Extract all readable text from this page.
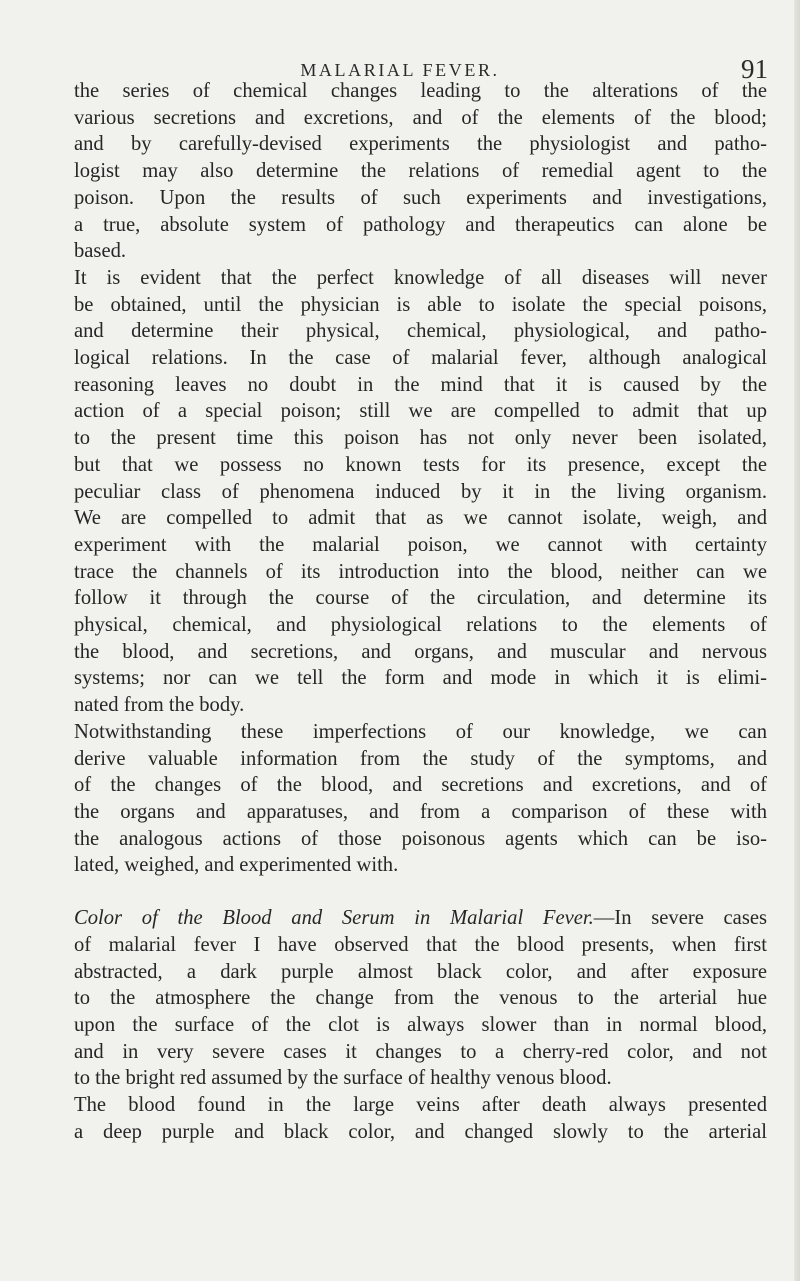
MALARIAL FEVER.	91

the series of chemical changes leading to the alterations of the
various secretions and excretions, and of the elements of the blood;
and by carefully-devised experiments the physiologist and patho-
logist may also determine the relations of remedial agent to the
poison. Upon the results of such experiments and investigations,
a true, absolute system of pathology and therapeutics can alone be
based.

It is evident that the perfect knowledge of all diseases will never
be obtained, until the physician is able to isolate the special poisons,
and determine their physical, chemical, physiological, and patho-
logical relations. In the case of malarial fever, although analogical
reasoning leaves no doubt in the mind that it is caused by the
action of a special poison; still we are compelled to admit that up
to the present time this poison has not only never been isolated,
but that we possess no known tests for its presence, except the
peculiar class of phenomena induced by it in the living organism.
We are compelled to admit that as we cannot isolate, weigh, and
experiment with the malarial poison, we cannot with certainty
trace the channels of its introduction into the blood, neither can we
follow it through the course of the circulation, and determine its
physical, chemical, and physiological relations to the elements of
the blood, and secretions, and organs, and muscular and nervous
systems; nor can we tell the form and mode in which it is elimi-
nated from the body.

Notwithstanding these imperfections of our knowledge, we can
derive valuable information from the study of the symptoms, and
of the changes of the blood, and secretions and excretions, and of
the organs and apparatuses, and from a comparison of these with
the analogous actions of those poisonous agents which can be iso-
lated, weighed, and experimented with.

Color of the Blood and Serum in Malarial Fever.—In severe cases
of malarial fever I have observed that the blood presents, when first
abstracted, a dark purple almost black color, and after exposure
to the atmosphere the change from the venous to the arterial hue
upon the surface of the clot is always slower than in normal blood,
and in very severe cases it changes to a cherry-red color, and not
to the bright red assumed by the surface of healthy venous blood.

The blood found in the large veins after death always presented
a deep purple and black color, and changed slowly to the arterial
